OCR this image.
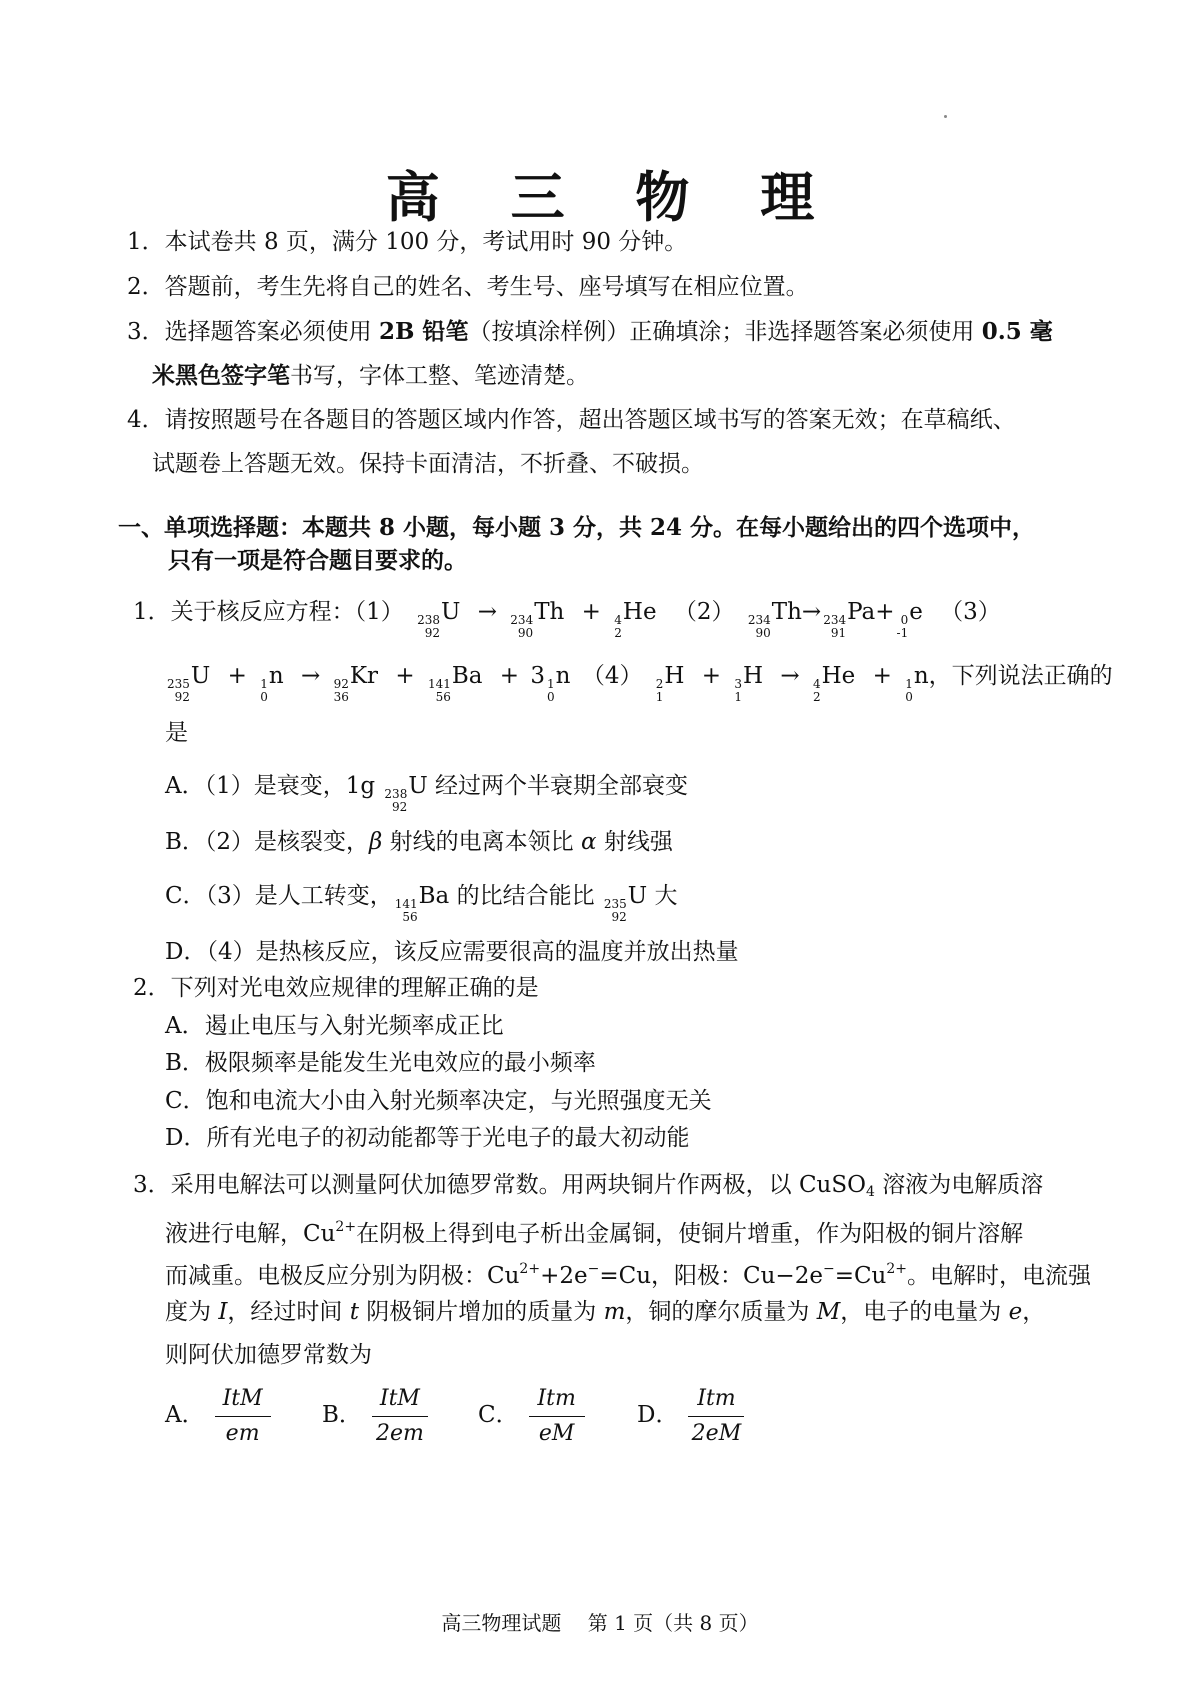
高 三 物 理
1．本试卷共 8 页，满分 100 分，考试用时 90 分钟。
2．答题前，考生先将自己的姓名、考生号、座号填写在相应位置。
3．选择题答案必须使用 2B 铅笔（按填涂样例）正确填涂；非选择题答案必须使用 0.5 毫
米黑色签字笔书写，字体工整、笔迹清楚。
4．请按照题号在各题目的答题区域内作答，超出答题区域书写的答案无效；在草稿纸、
试题卷上答题无效。保持卡面清洁，不折叠、不破损。
一、单项选择题：本题共 8 小题，每小题 3 分，共 24 分。在每小题给出的四个选项中，
只有一项是符合题目要求的。
1．关于核反应方程：（1） 238
92
U → 234
90
Th + 4
2
He （2） 234
90
Th→ 234
91
Pa+ 0
-1
e （3）
235
92
U + 1
0
n → 92
36
Kr + 141
56
Ba + 3 1
0
n （4） 2
1
H + 3
1
H → 4
2
He + 1
0
n，下列说法正确的
是
A．（1）是衰变，1g 238
92
U 经过两个半衰期全部衰变
B．（2）是核裂变，β 射线的电离本领比 α 射线强
C．（3）是人工转变， 141
56
Ba 的比结合能比 235
92
U 大
D．（4）是热核反应，该反应需要很高的温度并放出热量
2．下列对光电效应规律的理解正确的是
A．遏止电压与入射光频率成正比
B．极限频率是能发生光电效应的最小频率
C．饱和电流大小由入射光频率决定，与光照强度无关
D．所有光电子的初动能都等于光电子的最大初动能
3．采用电解法可以测量阿伏加德罗常数。用两块铜片作两极，以 CuSO$_4$ 溶液为电解质溶
液进行电解，$Cu^{2+}$在阴极上得到电子析出金属铜，使铜片增重，作为阳极的铜片溶解
而减重。电极反应分别为阴极：$Cu^{2+}+2e^-=Cu$，阳极：$Cu-2e^-=Cu^{2+}$。电解时，电流强
度为 I，经过时间 t 阴极铜片增加的质量为 m，铜的摩尔质量为 M，电子的电量为 e，
则阿伏加德罗常数为
A． $\frac{\text{ItM}}{em}$ B． $\frac{\text{ItM}}{2em}$ C． $\frac{\text{Itm}}{eM}$ D． $\frac{\text{Itm}}{2eM}$
高三物理试题　 第 1 页（共 8 页）
